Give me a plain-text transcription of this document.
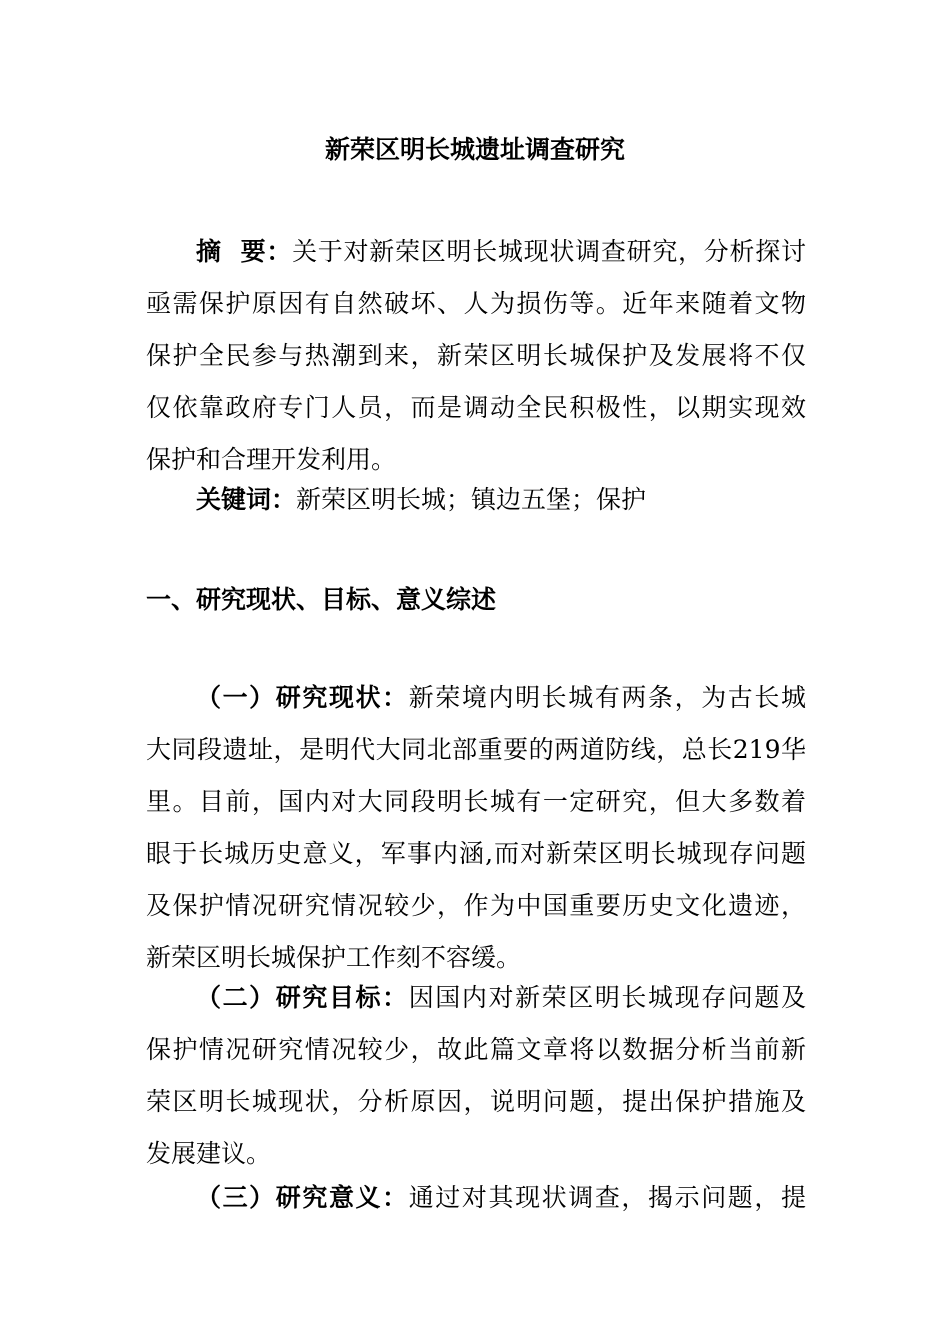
新荣区明长城遗址调查研究
摘  要：关于对新荣区明长城现状调查研究，分析探讨
亟需保护原因有自然破坏、人为损伤等。近年来随着文物
保护全民参与热潮到来，新荣区明长城保护及发展将不仅
仅依靠政府专门人员，而是调动全民积极性，以期实现效
保护和合理开发利用。
关键词：新荣区明长城；镇边五堡；保护
一、研究现状、目标、意义综述
（一）研究现状：新荣境内明长城有两条，为古长城
大同段遗址，是明代大同北部重要的两道防线，总长219华
里。目前，国内对大同段明长城有一定研究，但大多数着
眼于长城历史意义，军事内涵,而对新荣区明长城现存问题
及保护情况研究情况较少，作为中国重要历史文化遗迹，
新荣区明长城保护工作刻不容缓。
（二）研究目标：因国内对新荣区明长城现存问题及
保护情况研究情况较少，故此篇文章将以数据分析当前新
荣区明长城现状，分析原因，说明问题，提出保护措施及
发展建议。
（三）研究意义：通过对其现状调查，揭示问题，提
